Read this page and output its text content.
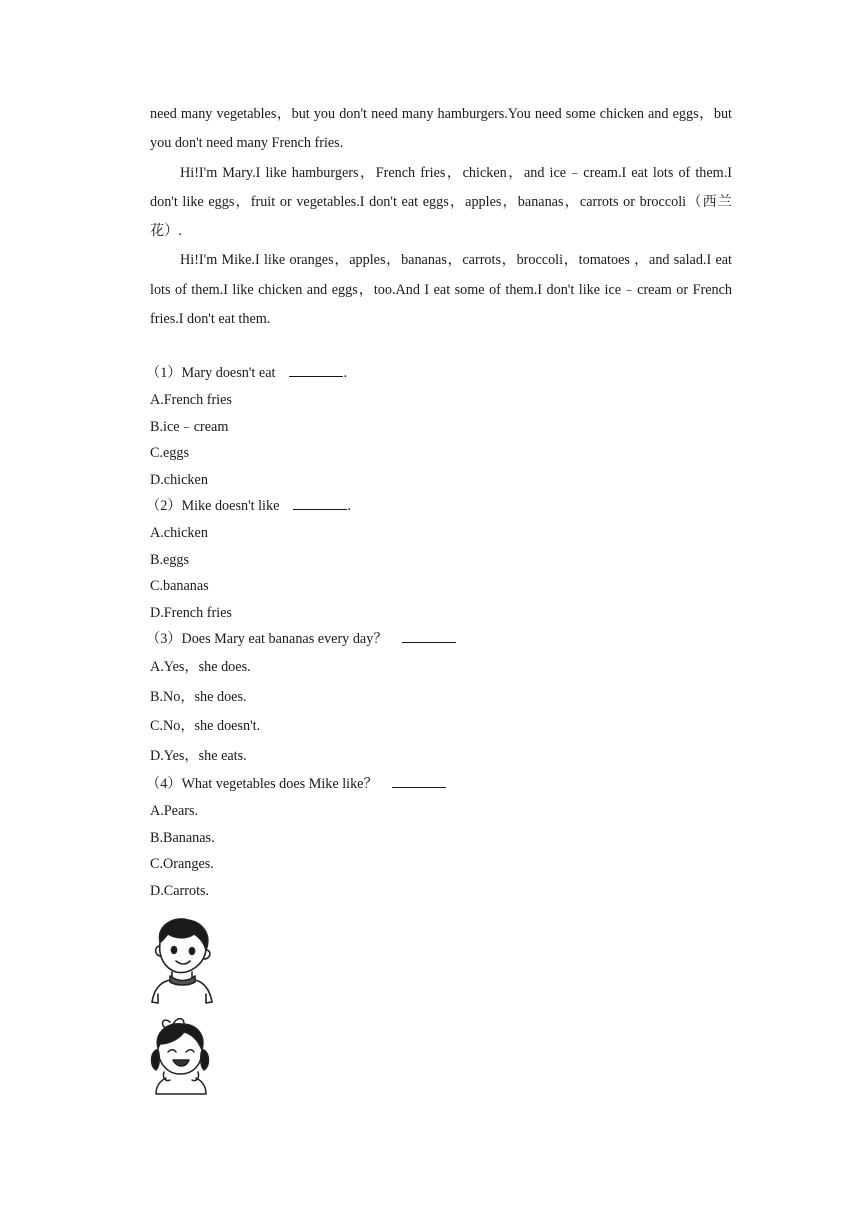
need many vegetables，but you don't need many hamburgers.You need some chicken and eggs，but you don't need many French fries.

Hi!I'm Mary.I like hamburgers，French fries，chicken，and ice﹣cream.I eat lots of them.I don't like eggs，fruit or vegetables.I don't eat eggs，apples，bananas，carrots or broccoli（西兰花）.

Hi!I'm Mike.I like oranges，apples，bananas，carrots，broccoli，tomatoes ，and salad.I eat lots of them.I like chicken and eggs，too.And I eat some of them.I don't like ice﹣cream or French fries.I don't eat them.

（1）Mary doesn't eat	.
A.French fries
B.ice﹣cream
C.eggs
D.chicken
（2）Mike doesn't like	.
A.chicken
B.eggs
C.bananas
D.French fries
（3）Does Mary eat bananas every day？
A.Yes，she does.
B.No，she does.
C.No，she doesn't.
D.Yes，she eats.
（4）What vegetables does Mike like？
A.Pears.
B.Bananas.
C.Oranges.
D.Carrots.
